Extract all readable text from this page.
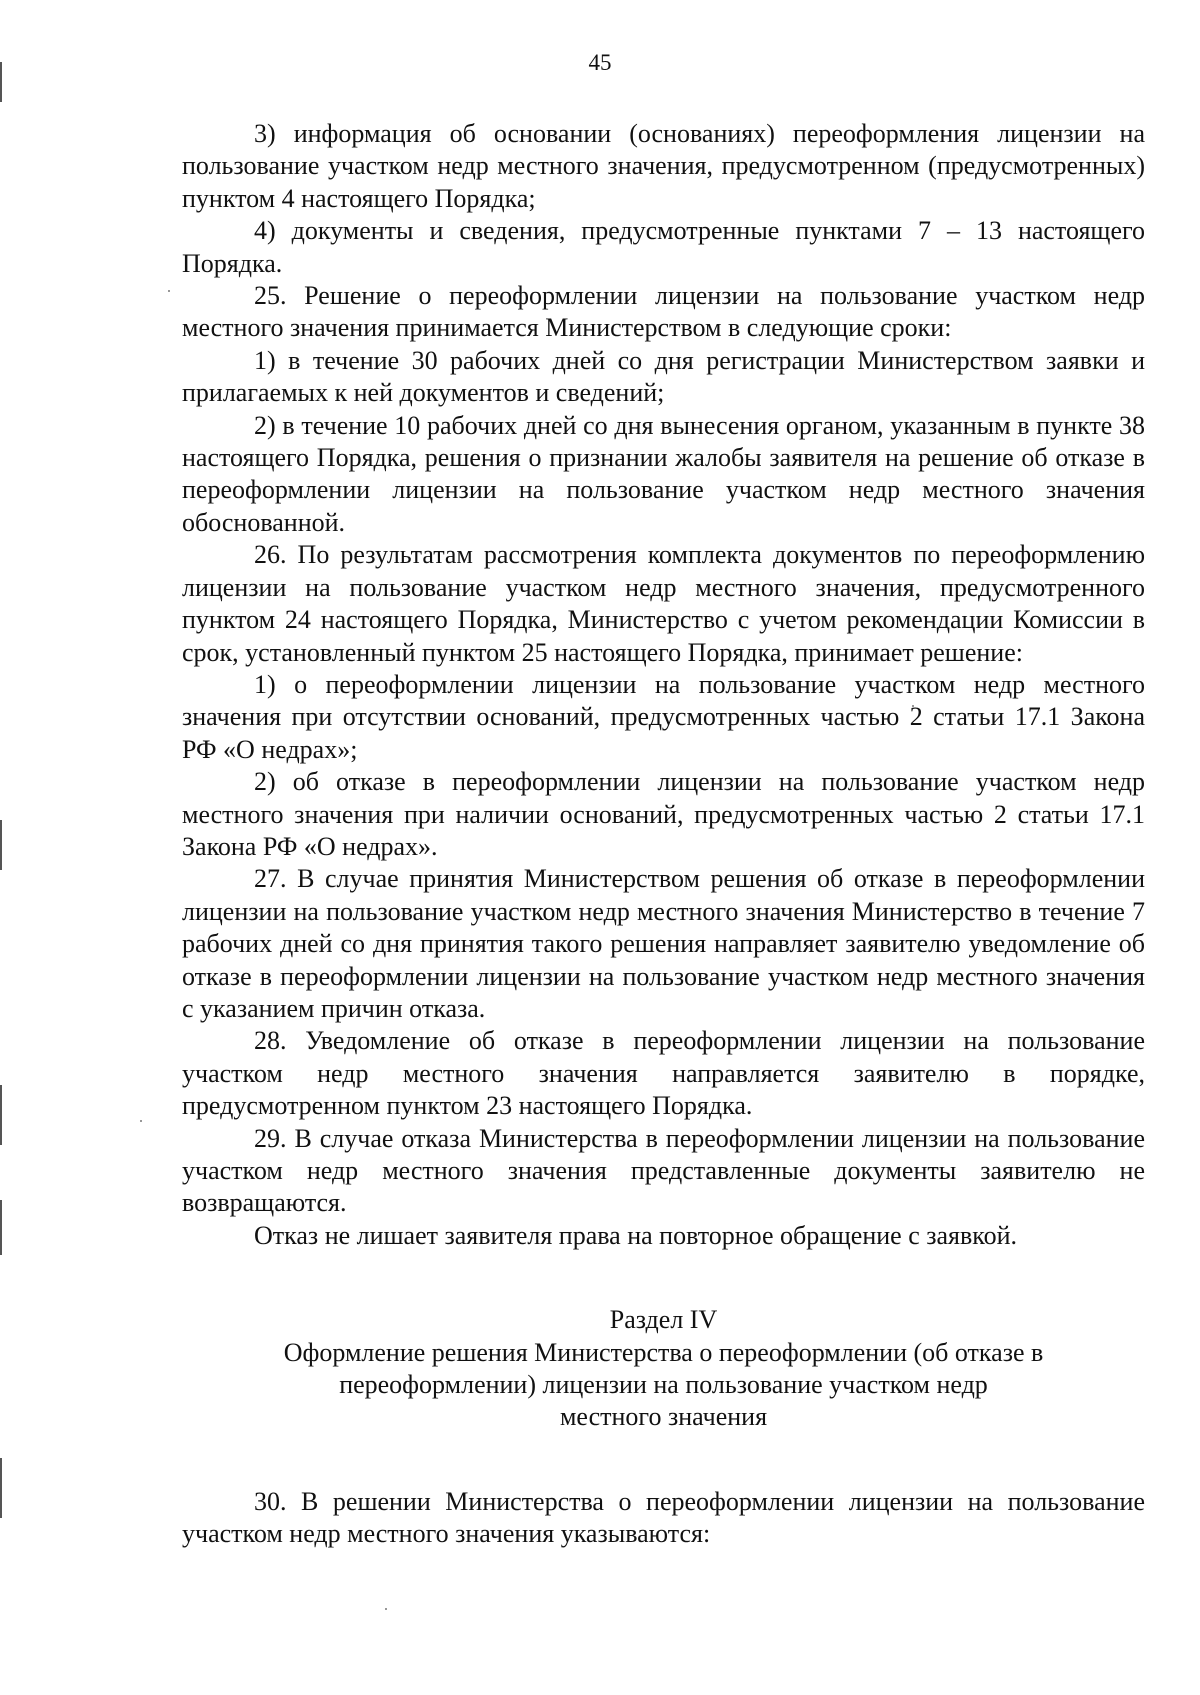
45

3) информация об основании (основаниях) переоформления лицензии на пользование участком недр местного значения, предусмотренном (предусмотренных) пунктом 4 настоящего Порядка;

4) документы и сведения, предусмотренные пунктами 7 – 13 настоящего Порядка.

25. Решение о переоформлении лицензии на пользование участком недр местного значения принимается Министерством в следующие сроки:

1) в течение 30 рабочих дней со дня регистрации Министерством заявки и прилагаемых к ней документов и сведений;

2) в течение 10 рабочих дней со дня вынесения органом, указанным в пункте 38 настоящего Порядка, решения о признании жалобы заявителя на решение об отказе в переоформлении лицензии на пользование участком недр местного значения обоснованной.

26. По результатам рассмотрения комплекта документов по переоформлению лицензии на пользование участком недр местного значения, предусмотренного пунктом 24 настоящего Порядка, Министерство с учетом рекомендации Комиссии в срок, установленный пунктом 25 настоящего Порядка, принимает решение:

1) о переоформлении лицензии на пользование участком недр местного значения при отсутствии оснований, предусмотренных частью 2 статьи 17.1 Закона РФ «О недрах»;

2) об отказе в переоформлении лицензии на пользование участком недр местного значения при наличии оснований, предусмотренных частью 2 статьи 17.1 Закона РФ «О недрах».

27. В случае принятия Министерством решения об отказе в переоформлении лицензии на пользование участком недр местного значения Министерство в течение 7 рабочих дней со дня принятия такого решения направляет заявителю уведомление об отказе в переоформлении лицензии на пользование участком недр местного значения с указанием причин отказа.

28. Уведомление об отказе в переоформлении лицензии на пользование участком недр местного значения направляется заявителю в порядке, предусмотренном пунктом 23 настоящего Порядка.

29. В случае отказа Министерства в переоформлении лицензии на пользование участком недр местного значения представленные документы заявителю не возвращаются.

Отказ не лишает заявителя права на повторное обращение с заявкой.

Раздел IV
Оформление решения Министерства о переоформлении (об отказе в
переоформлении) лицензии на пользование участком недр
местного значения

30. В решении Министерства о переоформлении лицензии на пользование участком недр местного значения указываются:
